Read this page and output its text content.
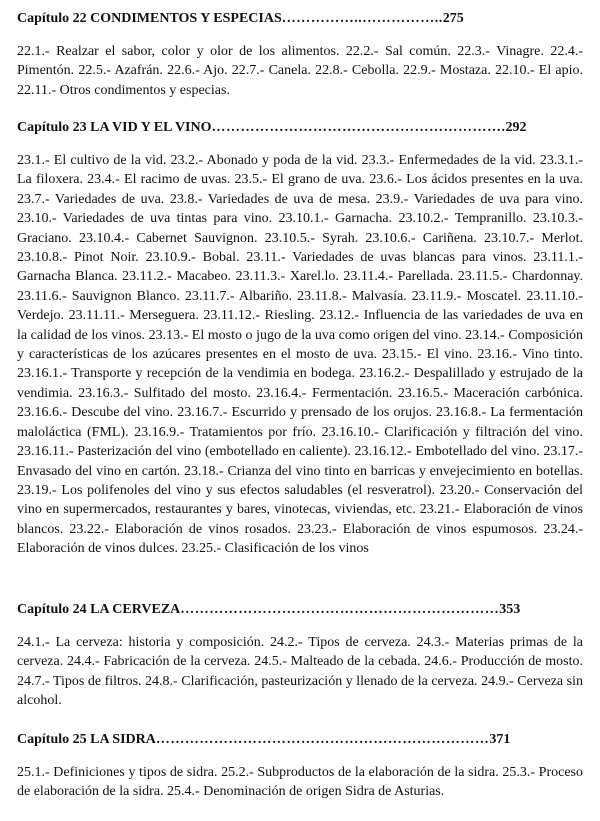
Capítulo 22 CONDIMENTOS Y ESPECIAS……………..……………..275
22.1.- Realzar el sabor, color y olor de los alimentos. 22.2.- Sal común. 22.3.- Vinagre. 22.4.- Pimentón. 22.5.- Azafrán. 22.6.- Ajo. 22.7.- Canela. 22.8.- Cebolla. 22.9.- Mostaza. 22.10.- El apio. 22.11.- Otros condimentos y especias.
Capítulo 23 LA VID Y EL VINO…………………………………………………….292
23.1.- El cultivo de la vid. 23.2.- Abonado y poda de la vid. 23.3.- Enfermedades de la vid. 23.3.1.- La filoxera. 23.4.- El racimo de uvas. 23.5.- El grano de uva. 23.6.- Los ácidos presentes en la uva. 23.7.- Variedades de uva. 23.8.- Variedades de uva de mesa. 23.9.- Variedades de uva para vino. 23.10.- Variedades de uva tintas para vino. 23.10.1.- Garnacha. 23.10.2.- Tempranillo. 23.10.3.- Graciano. 23.10.4.- Cabernet Sauvignon. 23.10.5.- Syrah. 23.10.6.- Cariñena. 23.10.7.- Merlot. 23.10.8.- Pinot Noir. 23.10.9.- Bobal. 23.11.- Variedades de uvas blancas para vinos. 23.11.1.- Garnacha Blanca. 23.11.2.- Macabeo. 23.11.3.- Xarel.lo. 23.11.4.- Parellada. 23.11.5.- Chardonnay. 23.11.6.- Sauvignon Blanco. 23.11.7.- Albariño. 23.11.8.- Malvasía. 23.11.9.- Moscatel. 23.11.10.- Verdejo. 23.11.11.- Merseguera. 23.11.12.- Riesling. 23.12.- Influencia de las variedades de uva en la calidad de los vinos. 23.13.- El mosto o jugo de la uva como origen del vino. 23.14.- Composición y características de los azúcares presentes en el mosto de uva. 23.15.- El vino. 23.16.- Vino tinto. 23.16.1.- Transporte y recepción de la vendimia en bodega. 23.16.2.- Despalillado y estrujado de la vendimia. 23.16.3.- Sulfitado del mosto. 23.16.4.- Fermentación. 23.16.5.- Maceración carbónica. 23.16.6.- Descube del vino. 23.16.7.- Escurrido y prensado de los orujos. 23.16.8.- La fermentación maloláctica (FML). 23.16.9.- Tratamientos por frío. 23.16.10.- Clarificación y filtración del vino. 23.16.11.- Pasterización del vino (embotellado en caliente). 23.16.12.- Embotellado del vino. 23.17.- Envasado del vino en cartón. 23.18.- Crianza del vino tinto en barricas y envejecimiento en botellas. 23.19.- Los polifenoles del vino y sus efectos saludables (el resveratrol). 23.20.- Conservación del vino en supermercados, restaurantes y bares, vinotecas, viviendas, etc. 23.21.- Elaboración de vinos blancos. 23.22.- Elaboración de vinos rosados. 23.23.- Elaboración de vinos espumosos. 23.24.- Elaboración de vinos dulces. 23.25.- Clasificación de los vinos
Capítulo 24 LA CERVEZA…………………………………………………………353
24.1.- La cerveza: historia y composición. 24.2.- Tipos de cerveza. 24.3.- Materias primas de la cerveza. 24.4.- Fabricación de la cerveza. 24.5.- Malteado de la cebada. 24.6.- Producción de mosto. 24.7.- Tipos de filtros. 24.8.- Clarificación, pasteurización y llenado de la cerveza. 24.9.- Cerveza sin alcohol.
Capítulo 25 LA SIDRA……………………………………………………………371
25.1.- Definiciones y tipos de sidra. 25.2.- Subproductos de la elaboración de la sidra. 25.3.- Proceso de elaboración de la sidra. 25.4.- Denominación de origen Sidra de Asturias.
